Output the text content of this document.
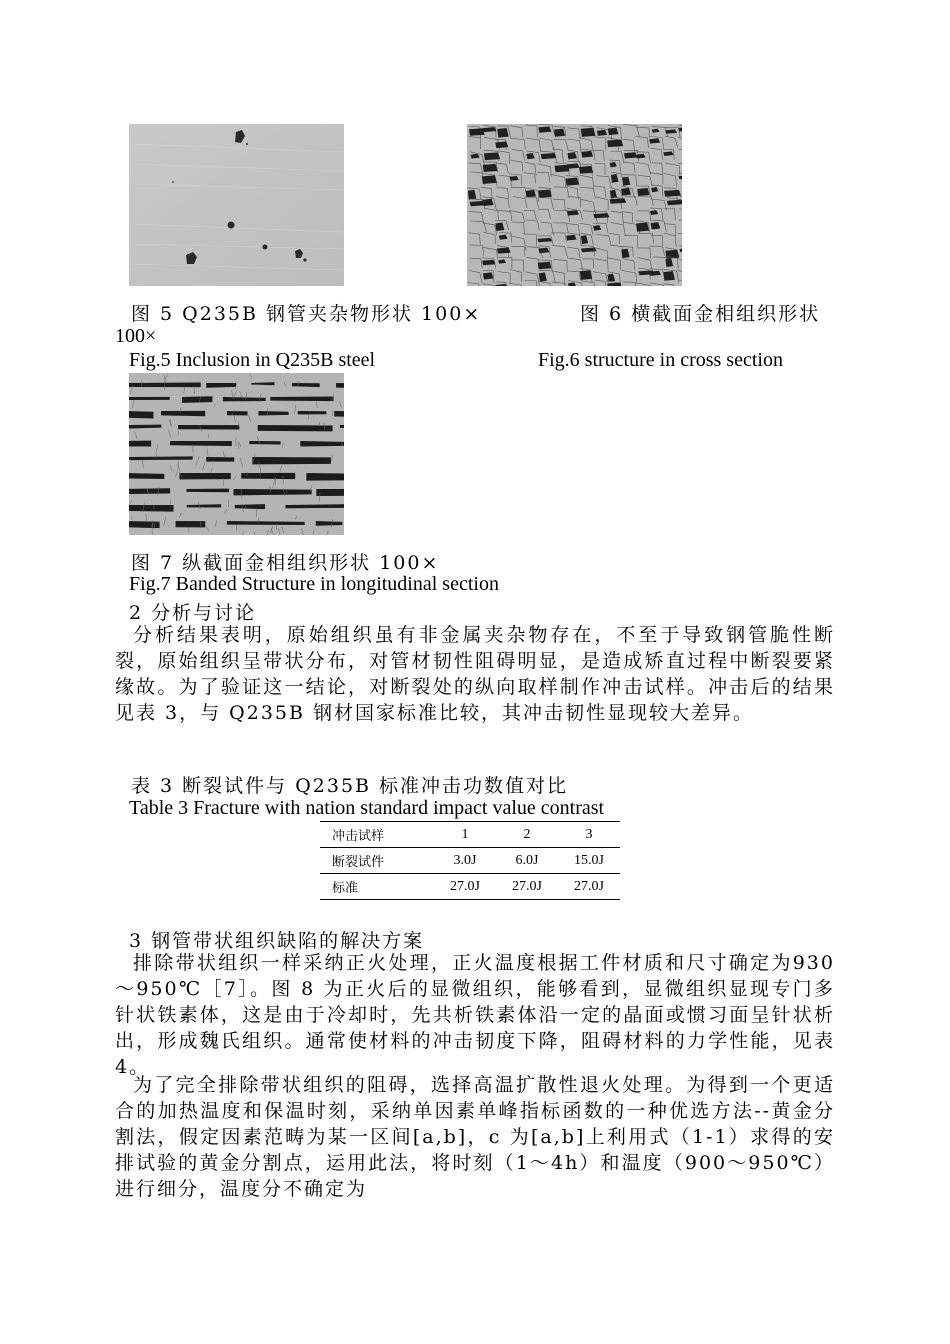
图 5 Q235B 钢管夹杂物形状 100×	图 6 横截面金相组织形状
100×
Fig.5 Inclusion in Q235B steel	Fig.6 structure in cross section
图 7 纵截面金相组织形状 100×
Fig.7 Banded Structure in longitudinal section
2 分析与讨论
分析结果表明，原始组织虽有非金属夹杂物存在，不至于导致钢管脆性断裂，原始组织呈带状分布，对管材韧性阻碍明显，是造成矫直过程中断裂要紧缘故。为了验证这一结论，对断裂处的纵向取样制作冲击试样。冲击后的结果见表 3，与 Q235B 钢材国家标准比较，其冲击韧性显现较大差异。
表 3 断裂试件与 Q235B 标准冲击功数值对比
Table 3 Fracture with nation standard impact value contrast
冲击试样	1	2	3
断裂试件	3.0J	6.0J	15.0J
标准	27.0J	27.0J	27.0J
3 钢管带状组织缺陷的解决方案
排除带状组织一样采纳正火处理，正火温度根据工件材质和尺寸确定为930～950℃［7］。图 8 为正火后的显微组织，能够看到，显微组织显现专门多针状铁素体，这是由于冷却时，先共析铁素体沿一定的晶面或惯习面呈针状析出，形成魏氏组织。通常使材料的冲击韧度下降，阻碍材料的力学性能，见表 4。
为了完全排除带状组织的阻碍，选择高温扩散性退火处理。为得到一个更适合的加热温度和保温时刻，采纳单因素单峰指标函数的一种优选方法--黄金分割法，假定因素范畴为某一区间[a,b]，c 为[a,b]上利用式（1-1）求得的安排试验的黄金分割点，运用此法，将时刻（1～4h）和温度（900～950℃）进行细分，温度分不确定为
